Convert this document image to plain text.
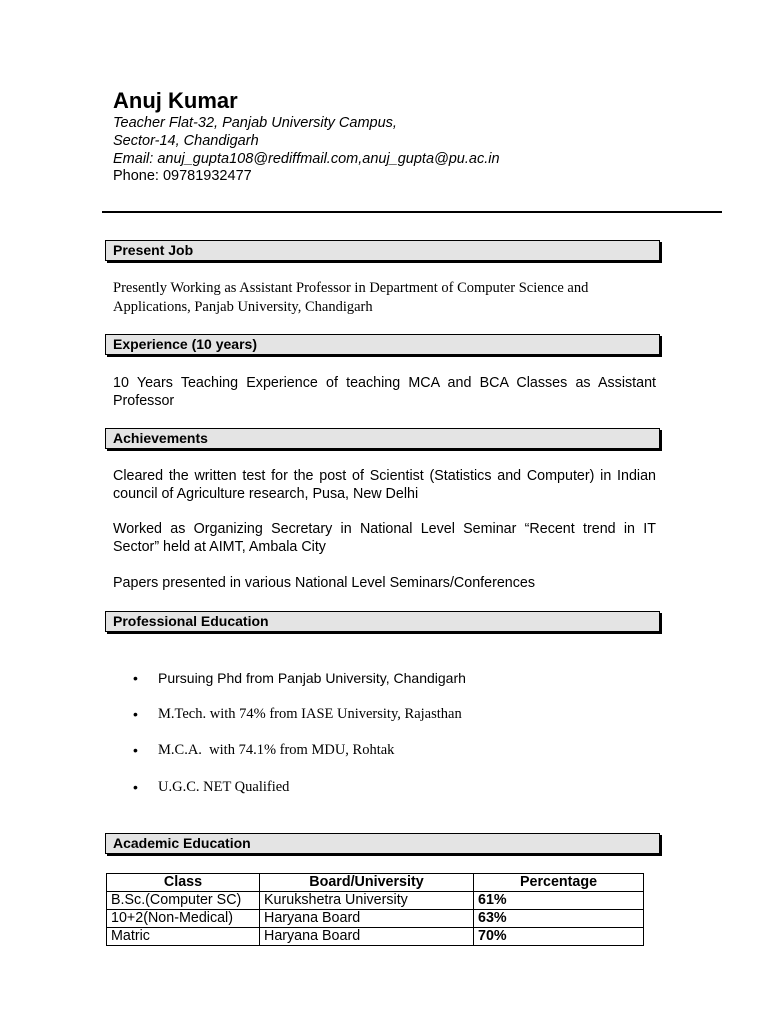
Anuj Kumar
Teacher Flat-32, Panjab University Campus,
Sector-14, Chandigarh
Email: anuj_gupta108@rediffmail.com,anuj_gupta@pu.ac.in
Phone: 09781932477
Present Job
Presently Working as Assistant Professor in Department of Computer Science and Applications, Panjab University, Chandigarh
Experience (10 years)
10 Years Teaching Experience of teaching MCA and BCA Classes as Assistant Professor
Achievements
Cleared the written test for the post of Scientist (Statistics and Computer) in Indian council of Agriculture research, Pusa, New Delhi
Worked as Organizing Secretary in National Level Seminar “Recent trend in IT Sector” held at AIMT, Ambala City
Papers presented in various National Level Seminars/Conferences
Professional Education
• Pursuing Phd from Panjab University, Chandigarh
• M.Tech. with 74% from IASE University, Rajasthan
• M.C.A.  with 74.1% from MDU, Rohtak
• U.G.C. NET Qualified
Academic Education
Class	Board/University	Percentage
B.Sc.(Computer SC)	Kurukshetra University	61%
10+2(Non-Medical)	Haryana Board	63%
Matric	Haryana Board	70%
